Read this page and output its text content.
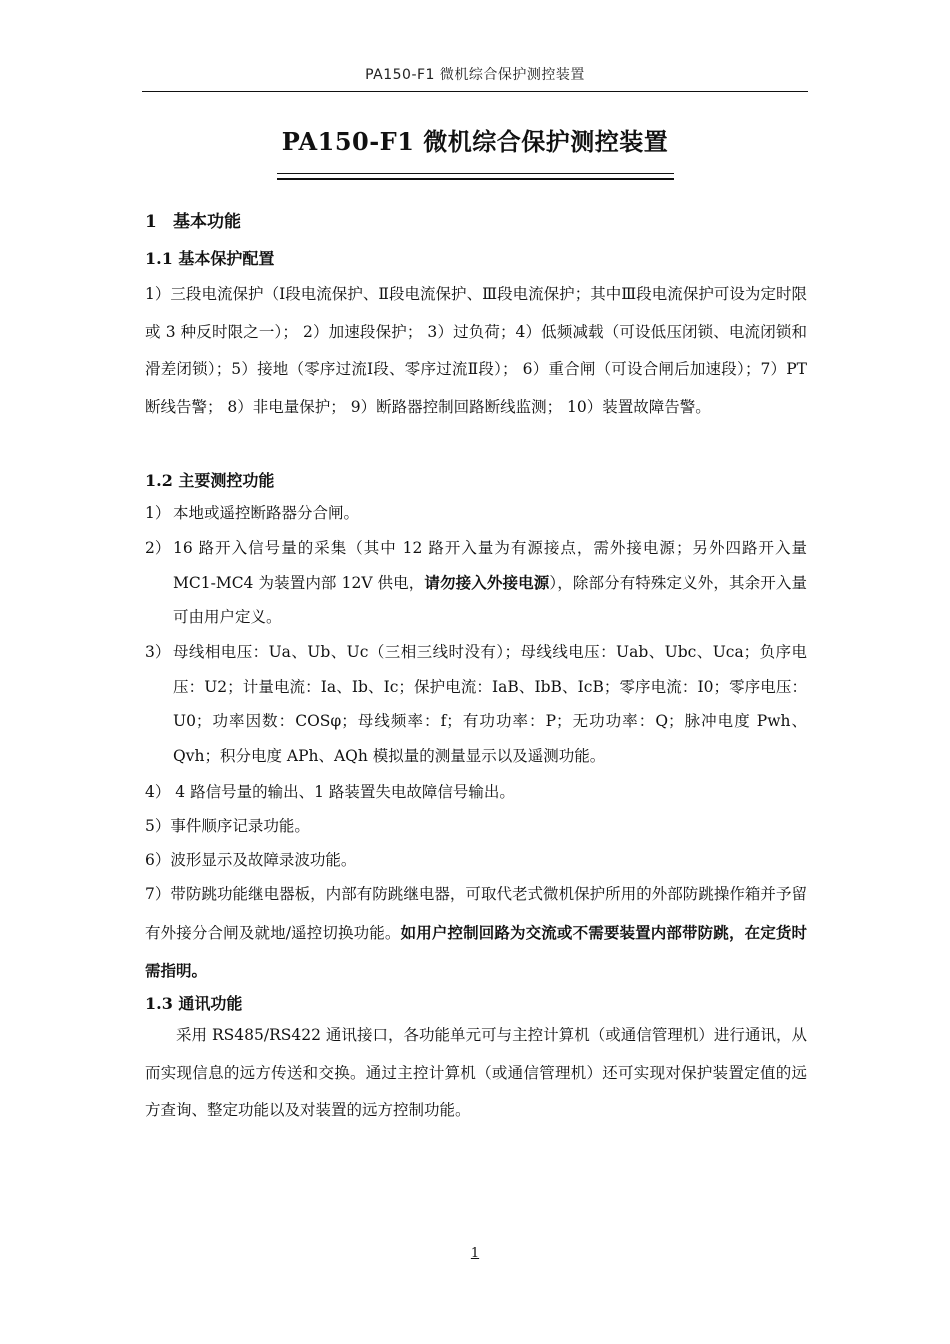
PA150-F1 微机综合保护测控装置
PA150-F1 微机综合保护测控装置
1 基本功能
1.1 基本保护配置
1）三段电流保护（Ⅰ段电流保护、Ⅱ段电流保护、Ⅲ段电流保护；其中Ⅲ段电流保护可设为定时限或 3 种反时限之一）； 2）加速段保护； 3）过负荷；4）低频减载（可设低压闭锁、电流闭锁和滑差闭锁）；5）接地（零序过流Ⅰ段、零序过流Ⅱ段）； 6）重合闸（可设合闸后加速段）；7）PT 断线告警； 8）非电量保护； 9）断路器控制回路断线监测； 10）装置故障告警。
1.2 主要测控功能
1） 本地或遥控断路器分合闸。
2） 16 路开入信号量的采集（其中 12 路开入量为有源接点，需外接电源；另外四路开入量 MC1-MC4 为装置内部 12V 供电，请勿接入外接电源），除部分有特殊定义外，其余开入量可由用户定义。
3） 母线相电压：Ua、Ub、Uc（三相三线时没有）；母线线电压：Uab、Ubc、Uca；负序电压：U2；计量电流：Ia、Ib、Ic；保护电流：IaB、IbB、IcB；零序电流：I0；零序电压：U0；功率因数：COSφ；母线频率：f；有功功率：P；无功功率：Q；脉冲电度 Pwh、Qvh；积分电度 APh、AQh 模拟量的测量显示以及遥测功能。
4） 4 路信号量的输出、1 路装置失电故障信号输出。
5）事件顺序记录功能。
6）波形显示及故障录波功能。
7）带防跳功能继电器板，内部有防跳继电器，可取代老式微机保护所用的外部防跳操作箱并予留有外接分合闸及就地/遥控切换功能。如用户控制回路为交流或不需要装置内部带防跳，在定货时需指明。
1.3 通讯功能
采用 RS485/RS422 通讯接口，各功能单元可与主控计算机（或通信管理机）进行通讯，从而实现信息的远方传送和交换。通过主控计算机（或通信管理机）还可实现对保护装置定值的远方查询、整定功能以及对装置的远方控制功能。
1
